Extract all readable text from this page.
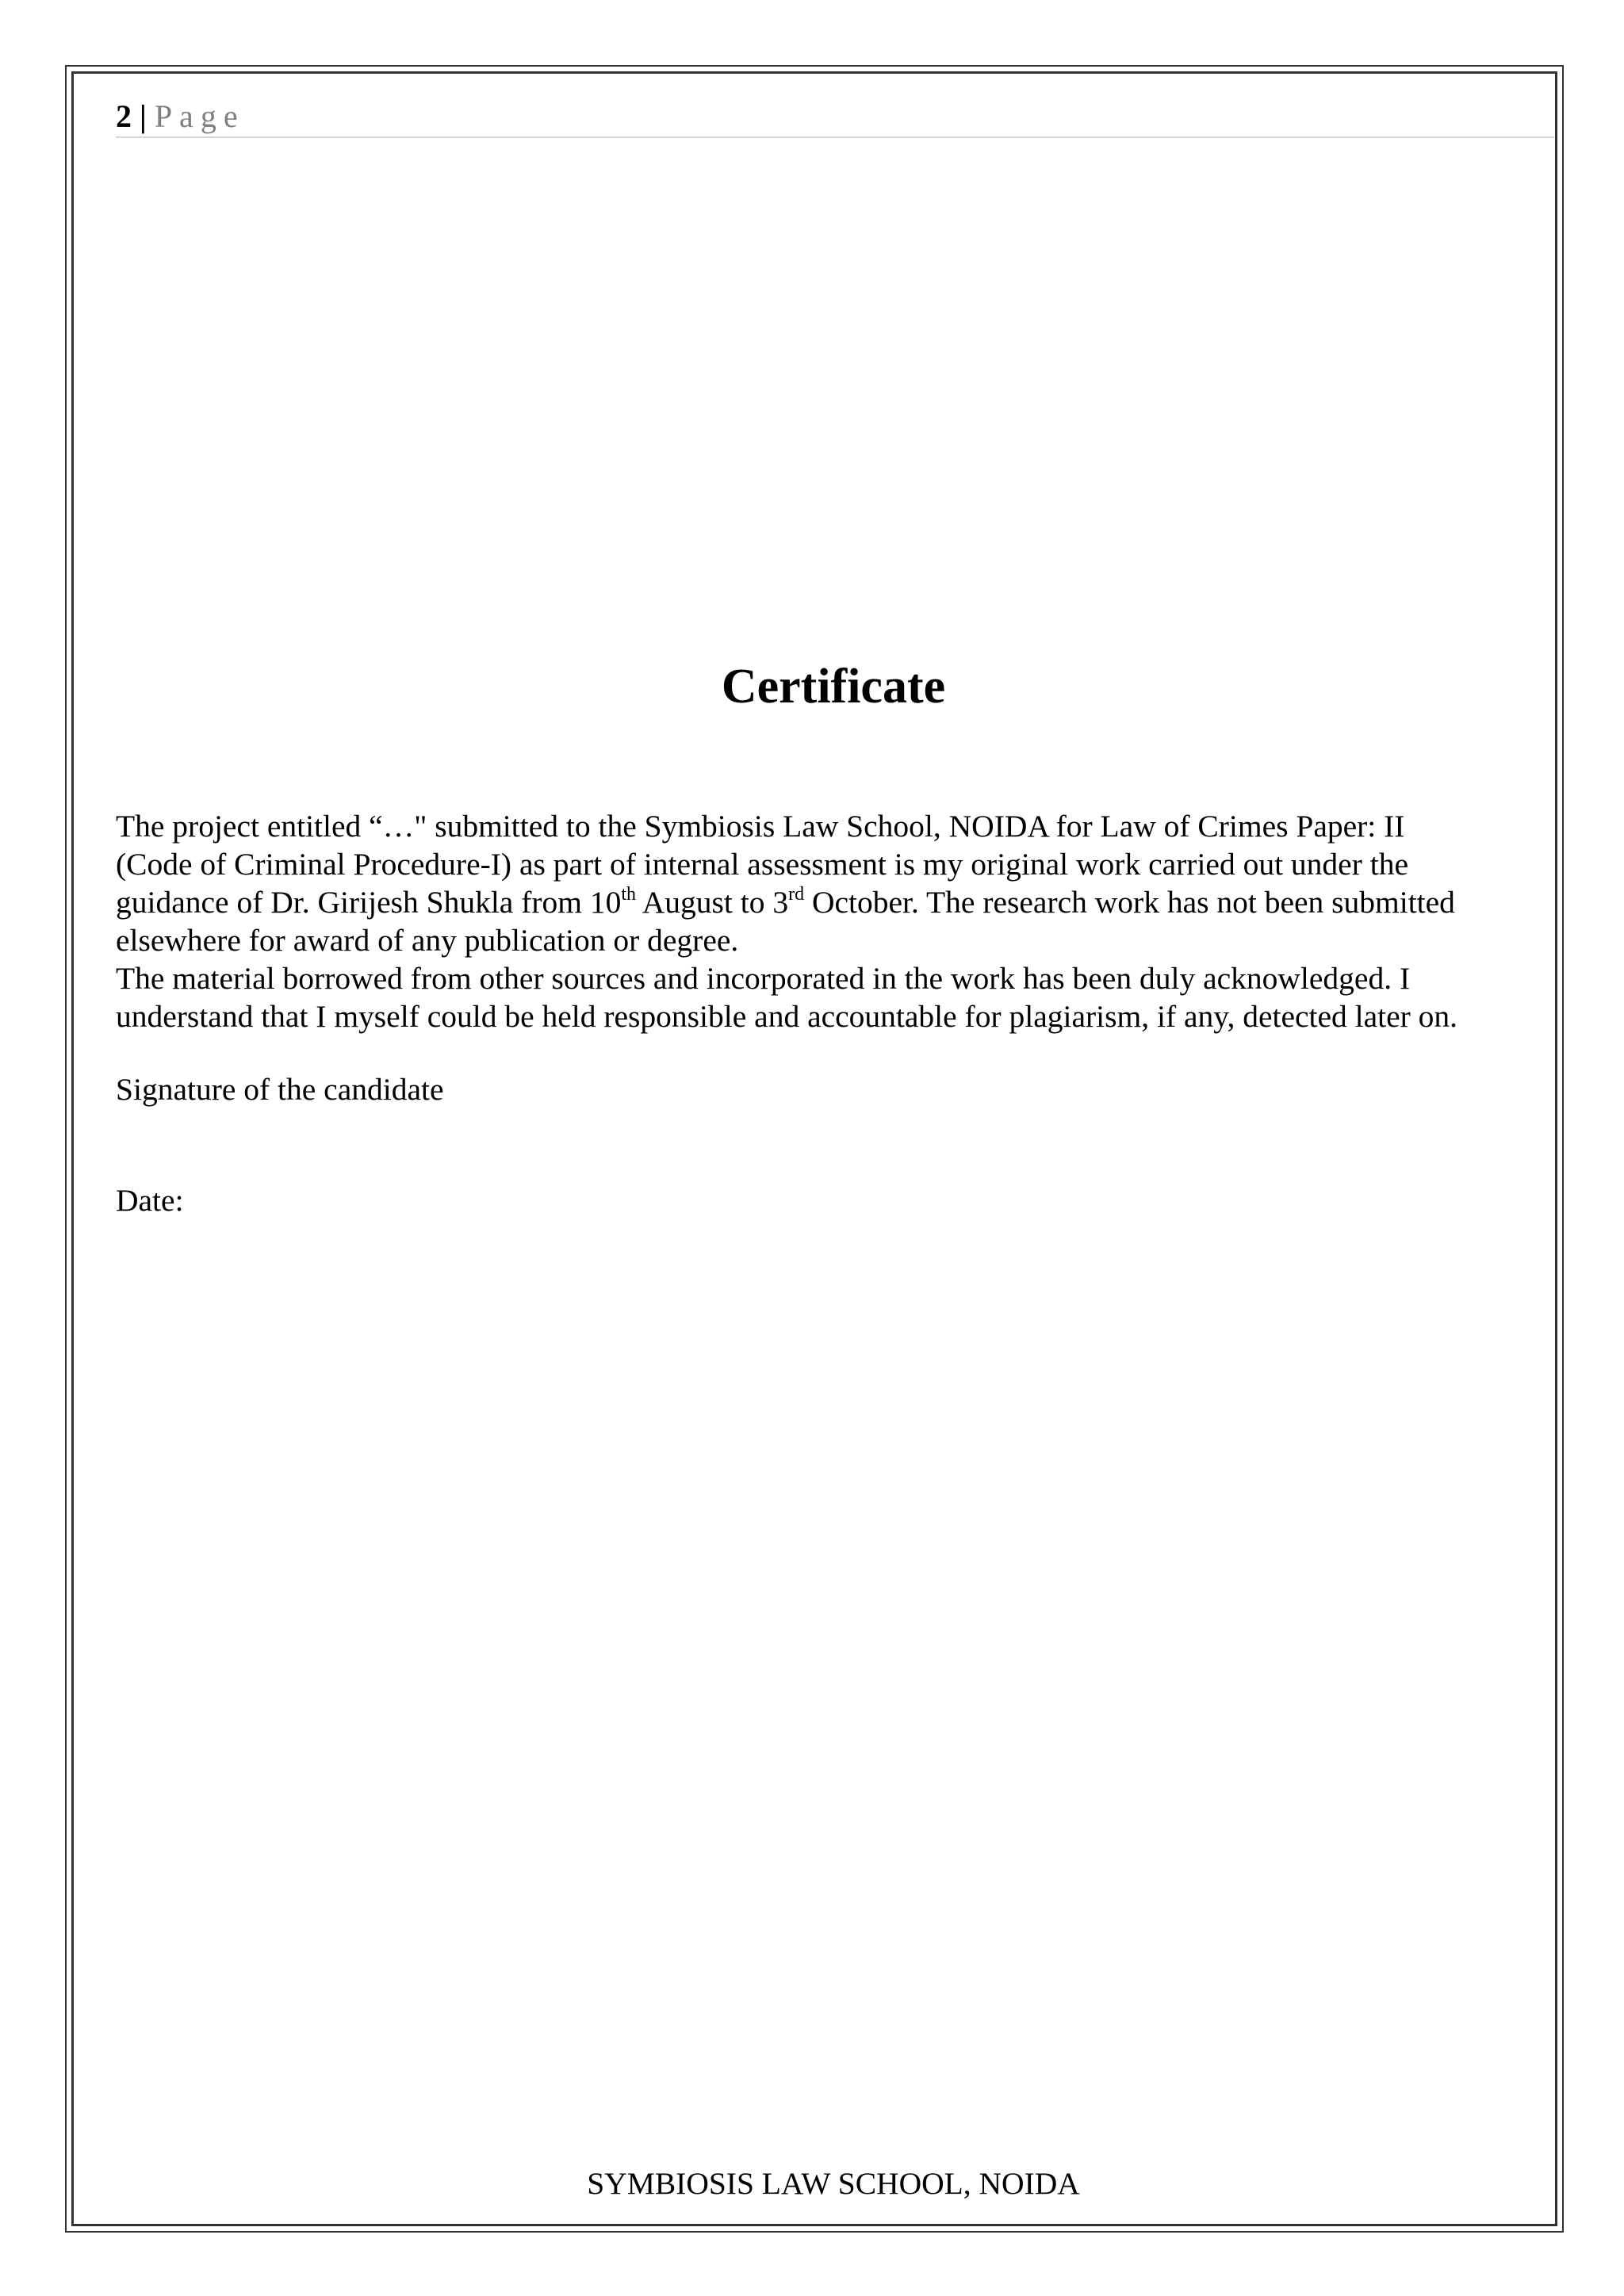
2 | Page
Certificate
The project entitled “…" submitted to the Symbiosis Law School, NOIDA for Law of Crimes Paper: II
(Code of Criminal Procedure-I) as part of internal assessment is my original work carried out under the
guidance of Dr. Girijesh Shukla from 10th August to 3rd October. The research work has not been submitted
elsewhere for award of any publication or degree.
The material borrowed from other sources and incorporated in the work has been duly acknowledged. I
understand that I myself could be held responsible and accountable for plagiarism, if any, detected later on.
Signature of the candidate
Date:
SYMBIOSIS LAW SCHOOL, NOIDA
